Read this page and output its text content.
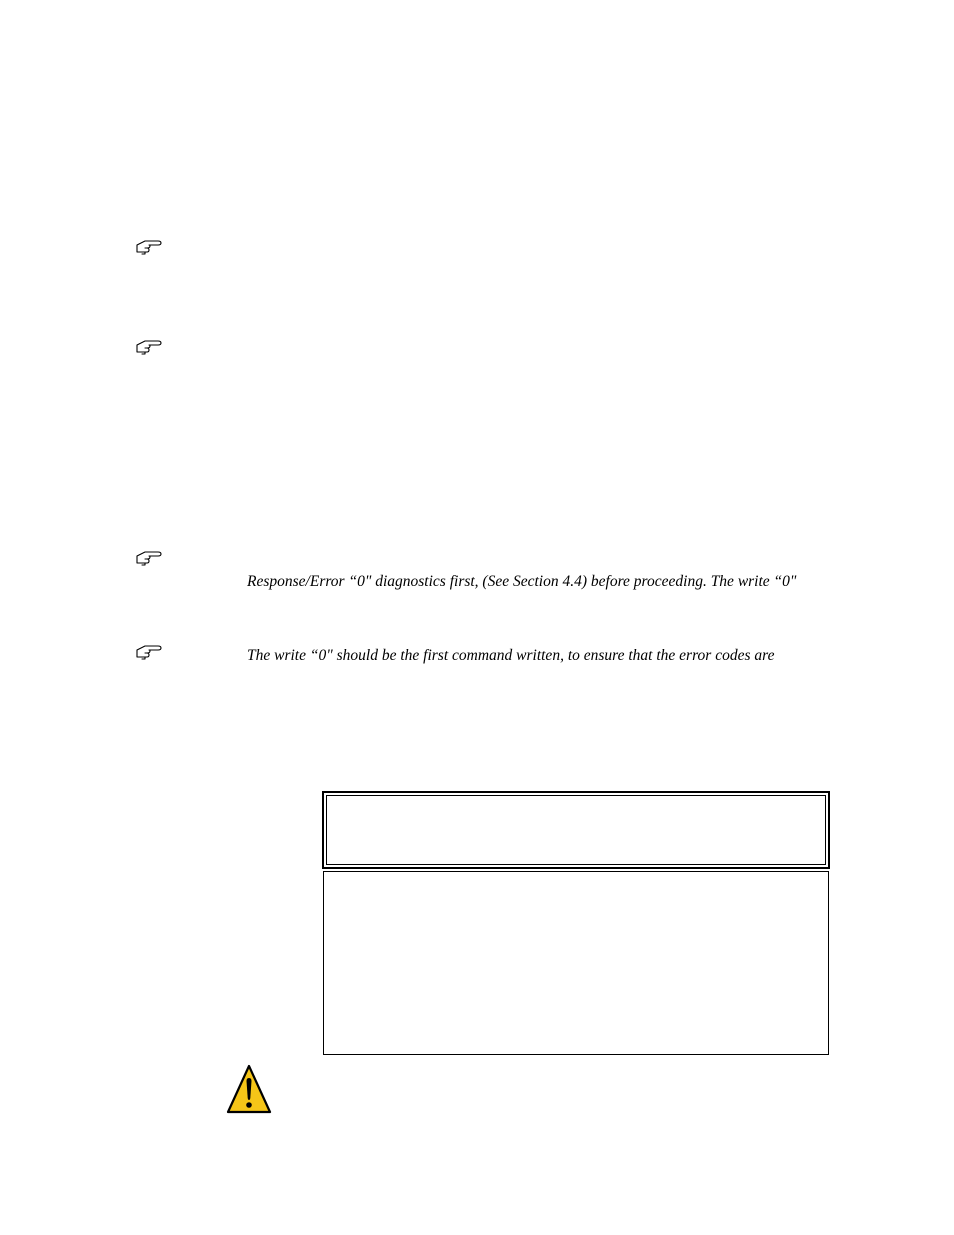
Response/Error “0" diagnostics first, (See Section 4.4) before proceeding. The write “0"
The write “0" should be the first command written, to ensure that the error codes are
